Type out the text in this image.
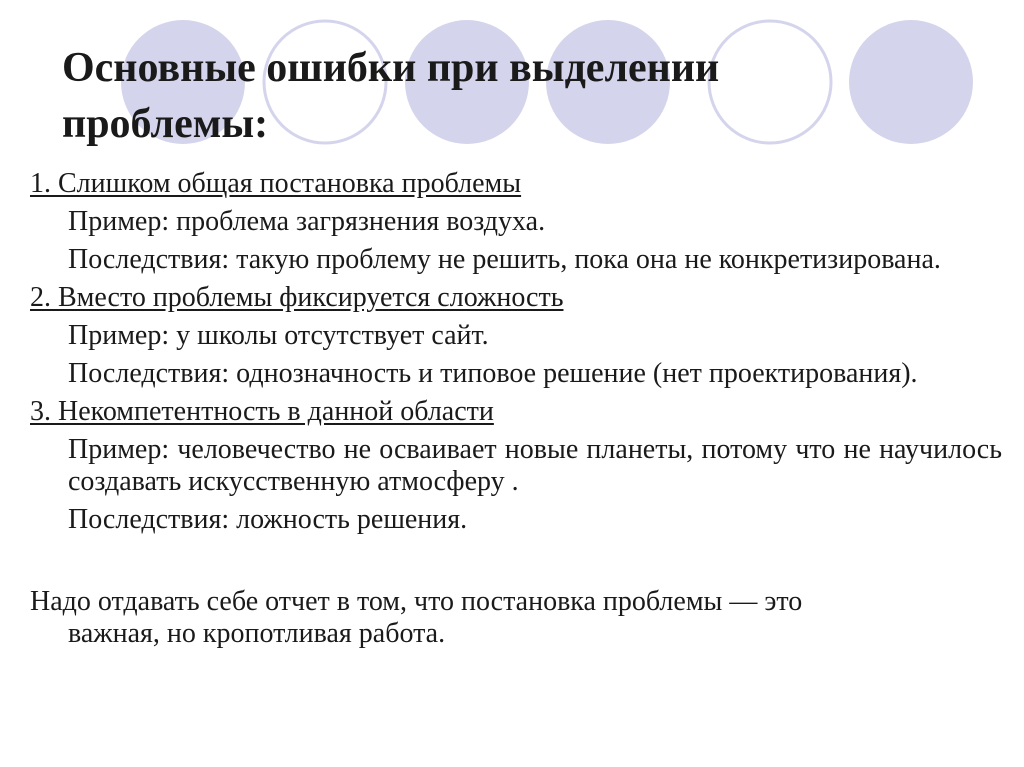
Основные ошибки при выделении
проблемы:

1. Слишком общая постановка проблемы

Пример: проблема загрязнения воздуха.

Последствия: такую проблему не решить, пока она не конкретизирована.

2. Вместо проблемы фиксируется сложность

Пример: у школы отсутствует сайт.

Последствия: однозначность и типовое решение (нет проектирования).

3. Некомпетентность в данной области

Пример: человечество не осваивает новые планеты, потому что не научилось создавать искусственную атмосферу .

Последствия: ложность решения.

Надо отдавать себе отчет в том, что постановка проблемы — это
важная, но кропотливая работа.
